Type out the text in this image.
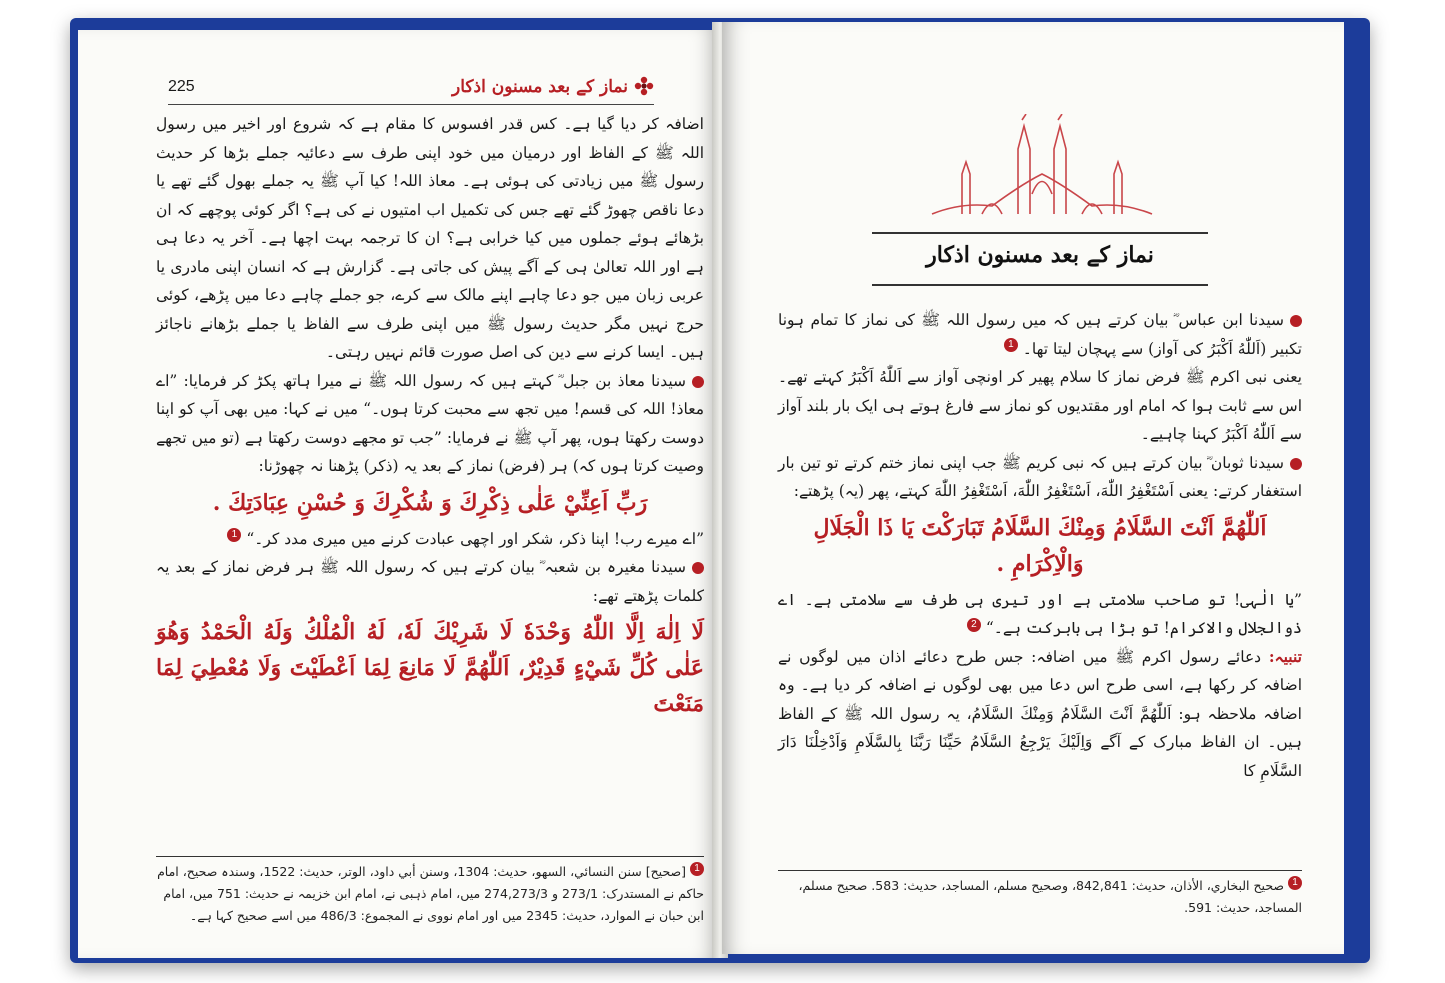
نماز کے بعد مسنون اذکار
225

اضافہ کر دیا گیا ہے۔ کس قدر افسوس کا مقام ہے کہ شروع اور اخیر میں رسول اللہ ﷺ کے الفاظ اور درمیان میں خود اپنی طرف سے دعائیہ جملے بڑھا کر حدیث رسول ﷺ میں زیادتی کی ہوئی ہے۔ معاذ اللہ! کیا آپ ﷺ یہ جملے بھول گئے تھے یا دعا ناقص چھوڑ گئے تھے جس کی تکمیل اب امتیوں نے کی ہے؟ اگر کوئی پوچھے کہ ان بڑھائے ہوئے جملوں میں کیا خرابی ہے؟ ان کا ترجمہ بہت اچھا ہے۔ آخر یہ دعا ہی ہے اور اللہ تعالیٰ ہی کے آگے پیش کی جاتی ہے۔ گزارش ہے کہ انسان اپنی مادری یا عربی زبان میں جو دعا چاہے اپنے مالک سے کرے، جو جملے چاہے دعا میں پڑھے، کوئی حرج نہیں مگر حدیث رسول ﷺ میں اپنی طرف سے الفاظ یا جملے بڑھانے ناجائز ہیں۔ ایسا کرنے سے دین کی اصل صورت قائم نہیں رہتی۔

سیدنا معاذ بن جبل ؓ کہتے ہیں کہ رسول اللہ ﷺ نے میرا ہاتھ پکڑ کر فرمایا: ”اے معاذ! اللہ کی قسم! میں تجھ سے محبت کرتا ہوں۔“ میں نے کہا: میں بھی آپ کو اپنا دوست رکھتا ہوں، پھر آپ ﷺ نے فرمایا: ”جب تو مجھے دوست رکھتا ہے (تو میں تجھے وصیت کرتا ہوں کہ) ہر (فرض) نماز کے بعد یہ (ذکر) پڑھنا نہ چھوڑنا:

رَبِّ اَعِنِّيْ عَلٰى ذِكْرِكَ وَ شُكْرِكَ وَ حُسْنِ عِبَادَتِكَ .

”اے میرے رب! اپنا ذکر، شکر اور اچھی عبادت کرنے میں میری مدد کر۔“ 1

سیدنا مغیرہ بن شعبہ ؓ بیان کرتے ہیں کہ رسول اللہ ﷺ ہر فرض نماز کے بعد یہ کلمات پڑھتے تھے:

لَا اِلٰهَ اِلَّا اللّٰهُ وَحْدَهٗ لَا شَرِيْكَ لَهٗ، لَهُ الْمُلْكُ وَلَهُ الْحَمْدُ وَهُوَ عَلٰى كُلِّ شَيْءٍ قَدِيْرٌ، اَللّٰهُمَّ لَا مَانِعَ لِمَا اَعْطَيْتَ وَلَا مُعْطِيَ لِمَا مَنَعْتَ
1 [صحیح] سنن النسائي، السھو، حدیث: 1304، وسنن أبي داود، الوتر، حدیث: 1522، وسندہ صحیح، امام حاکم نے المستدرک: 273/1 و 274,273/3 میں، امام ذہبی نے، امام ابن خزیمہ نے حدیث: 751 میں، امام ابن حبان نے الموارد، حدیث: 2345 میں اور امام نووی نے المجموع: 486/3 میں اسے صحیح کہا ہے۔
نماز کے بعد مسنون اذکار

سیدنا ابن عباس ؓ بیان کرتے ہیں کہ میں رسول اللہ ﷺ کی نماز کا تمام ہونا تکبیر (اَللّٰهُ اَكْبَرُ کی آواز) سے پہچان لیتا تھا۔ 1

یعنی نبی اکرم ﷺ فرض نماز کا سلام پھیر کر اونچی آواز سے اَللّٰهُ اَكْبَرُ کہتے تھے۔ اس سے ثابت ہوا کہ امام اور مقتدیوں کو نماز سے فارغ ہوتے ہی ایک بار بلند آواز سے اَللّٰهُ اَكْبَرُ کہنا چاہیے۔

سیدنا ثوبان ؓ بیان کرتے ہیں کہ نبی کریم ﷺ جب اپنی نماز ختم کرتے تو تین بار استغفار کرتے: یعنی اَسْتَغْفِرُ اللّٰهَ، اَسْتَغْفِرُ اللّٰهَ، اَسْتَغْفِرُ اللّٰهَ کہتے، پھر (یہ) پڑھتے:

اَللّٰهُمَّ اَنْتَ السَّلَامُ وَمِنْكَ السَّلَامُ تَبَارَكْتَ يَا ذَا الْجَلَالِ وَالْاِكْرَامِ .

”یا الٰہی! تو صاحب سلامتی ہے اور تیری ہی طرف سے سلامتی ہے۔ اے ذوالجلال والاکرام! تو بڑا ہی بابرکت ہے۔“ 2

تنبیہ: دعائے رسول اکرم ﷺ میں اضافہ: جس طرح دعائے اذان میں لوگوں نے اضافہ کر رکھا ہے، اسی طرح اس دعا میں بھی لوگوں نے اضافہ کر دیا ہے۔ وہ اضافہ ملاحظہ ہو: اَللّٰهُمَّ اَنْتَ السَّلَامُ وَمِنْكَ السَّلَامُ، یہ رسول اللہ ﷺ کے الفاظ ہیں۔ ان الفاظ مبارک کے آگے وَاِلَيْكَ يَرْجِعُ السَّلَامُ حَيِّنَا رَبَّنَا بِالسَّلَامِ وَاَدْخِلْنَا دَارَ السَّلَامِ کا

1 صحیح البخاري، الأذان، حدیث: 842,841، وصحیح مسلم، المساجد، حدیث: 583. صحیح مسلم، المساجد، حدیث: 591.
